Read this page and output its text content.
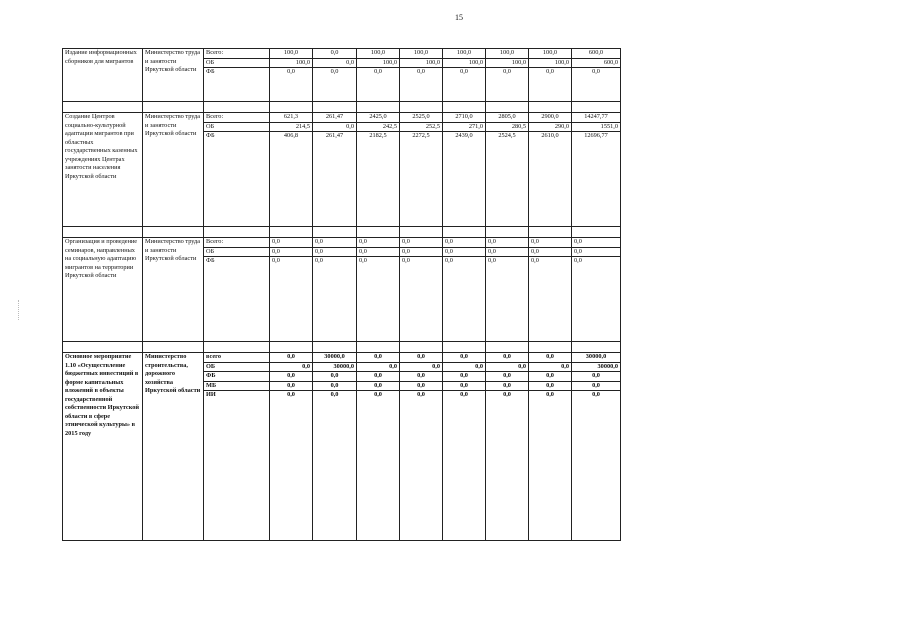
15
Издание информационных сборников для мигрантов	Министерство труда и занятости Иркутской области	Всего:	100,0	0,0	100,0	100,0	100,0	100,0	100,0	600,0
		ОБ	100,0	0,0	100,0	100,0	100,0	100,0	100,0	600,0
		ФБ	0,0	0,0	0,0	0,0	0,0	0,0	0,0	0,0

Создание Центров социально-культурной адаптации мигрантов при областных государственных казенных учреждениях Центрах занятости населения Иркутской области	Министерство труда и занятости Иркутской области	Всего:	621,3	261,47	2425,0	2525,0	2710,0	2805,0	2900,0	14247,77
		ОБ	214,5	0,0	242,5	252,5	271,0	280,5	290,0	1551,0
		ФБ	406,8	261,47	2182,5	2272,5	2439,0	2524,5	2610,0	12696,77

Организация и проведение семинаров, направленных на социальную адаптацию мигрантов на территории Иркутской области	Министерство труда и занятости Иркутской области	Всего:	0,0	0,0	0,0	0,0	0,0	0,0	0,0	0,0
		ОБ	0,0	0,0	0,0	0,0	0,0	0,0	0,0	0,0
		ФБ	0,0	0,0	0,0	0,0	0,0	0,0	0,0	0,0

Основное мероприятие 1.10 «Осуществление бюджетных инвестиций в форме капитальных вложений в объекты государственной собственности Иркутской области в сфере этнической культуры» в 2015 году	Министерство строительства, дорожного хозяйства Иркутской области	всего	0,0	30000,0	0,0	0,0	0,0	0,0	0,0	30000,0
		ОБ	0,0	30000,0	0,0	0,0	0,0	0,0	0,0	30000,0
		ФБ	0,0	0,0	0,0	0,0	0,0	0,0	0,0	0,0
		МБ	0,0	0,0	0,0	0,0	0,0	0,0	0,0	0,0
		ИИ	0,0	0,0	0,0	0,0	0,0	0,0	0,0	0,0
